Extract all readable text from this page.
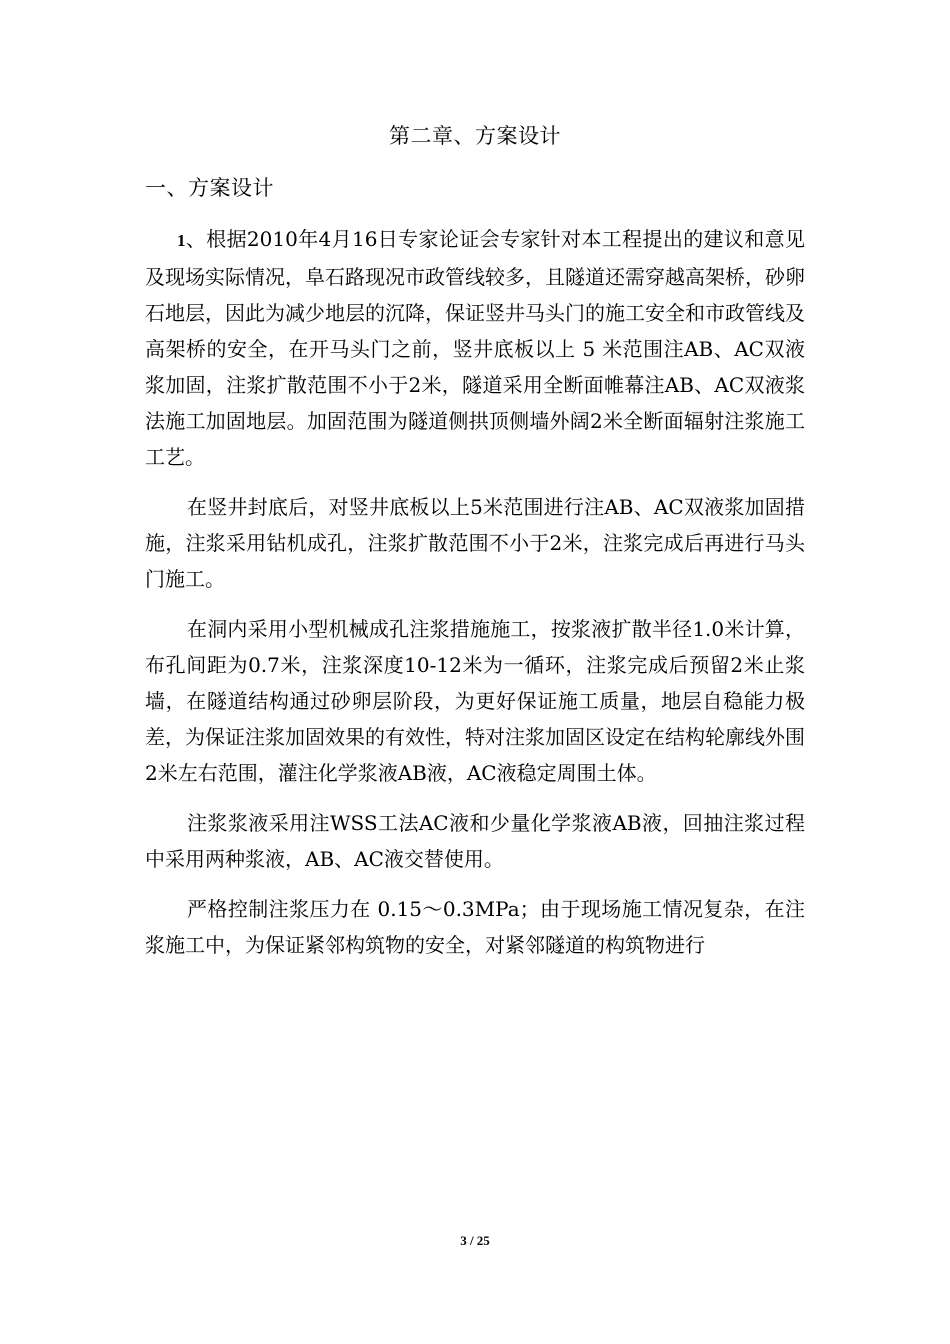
第二章、方案设计
一、方案设计

1、根据2010年4月16日专家论证会专家针对本工程提出的建议和意见及现场实际情况，阜石路现况市政管线较多，且隧道还需穿越高架桥，砂卵石地层，因此为减少地层的沉降，保证竖井马头门的施工安全和市政管线及高架桥的安全，在开马头门之前，竖井底板以上 5 米范围注AB、AC双液浆加固，注浆扩散范围不小于2米，隧道采用全断面帷幕注AB、AC双液浆法施工加固地层。加固范围为隧道侧拱顶侧墙外阔2米全断面辐射注浆施工工艺。

在竖井封底后，对竖井底板以上5米范围进行注AB、AC双液浆加固措施，注浆采用钻机成孔，注浆扩散范围不小于2米，注浆完成后再进行马头门施工。

在洞内采用小型机械成孔注浆措施施工，按浆液扩散半径1.0米计算，布孔间距为0.7米，注浆深度10-12米为一循环，注浆完成后预留2米止浆墙，在隧道结构通过砂卵层阶段，为更好保证施工质量，地层自稳能力极差，为保证注浆加固效果的有效性，特对注浆加固区设定在结构轮廓线外围2米左右范围，灌注化学浆液AB液，AC液稳定周围土体。

注浆浆液采用注WSS工法AC液和少量化学浆液AB液，回抽注浆过程中采用两种浆液，AB、AC液交替使用。

严格控制注浆压力在 0.15～0.3MPa；由于现场施工情况复杂，在注浆施工中，为保证紧邻构筑物的安全，对紧邻隧道的构筑物进行

3 / 25
